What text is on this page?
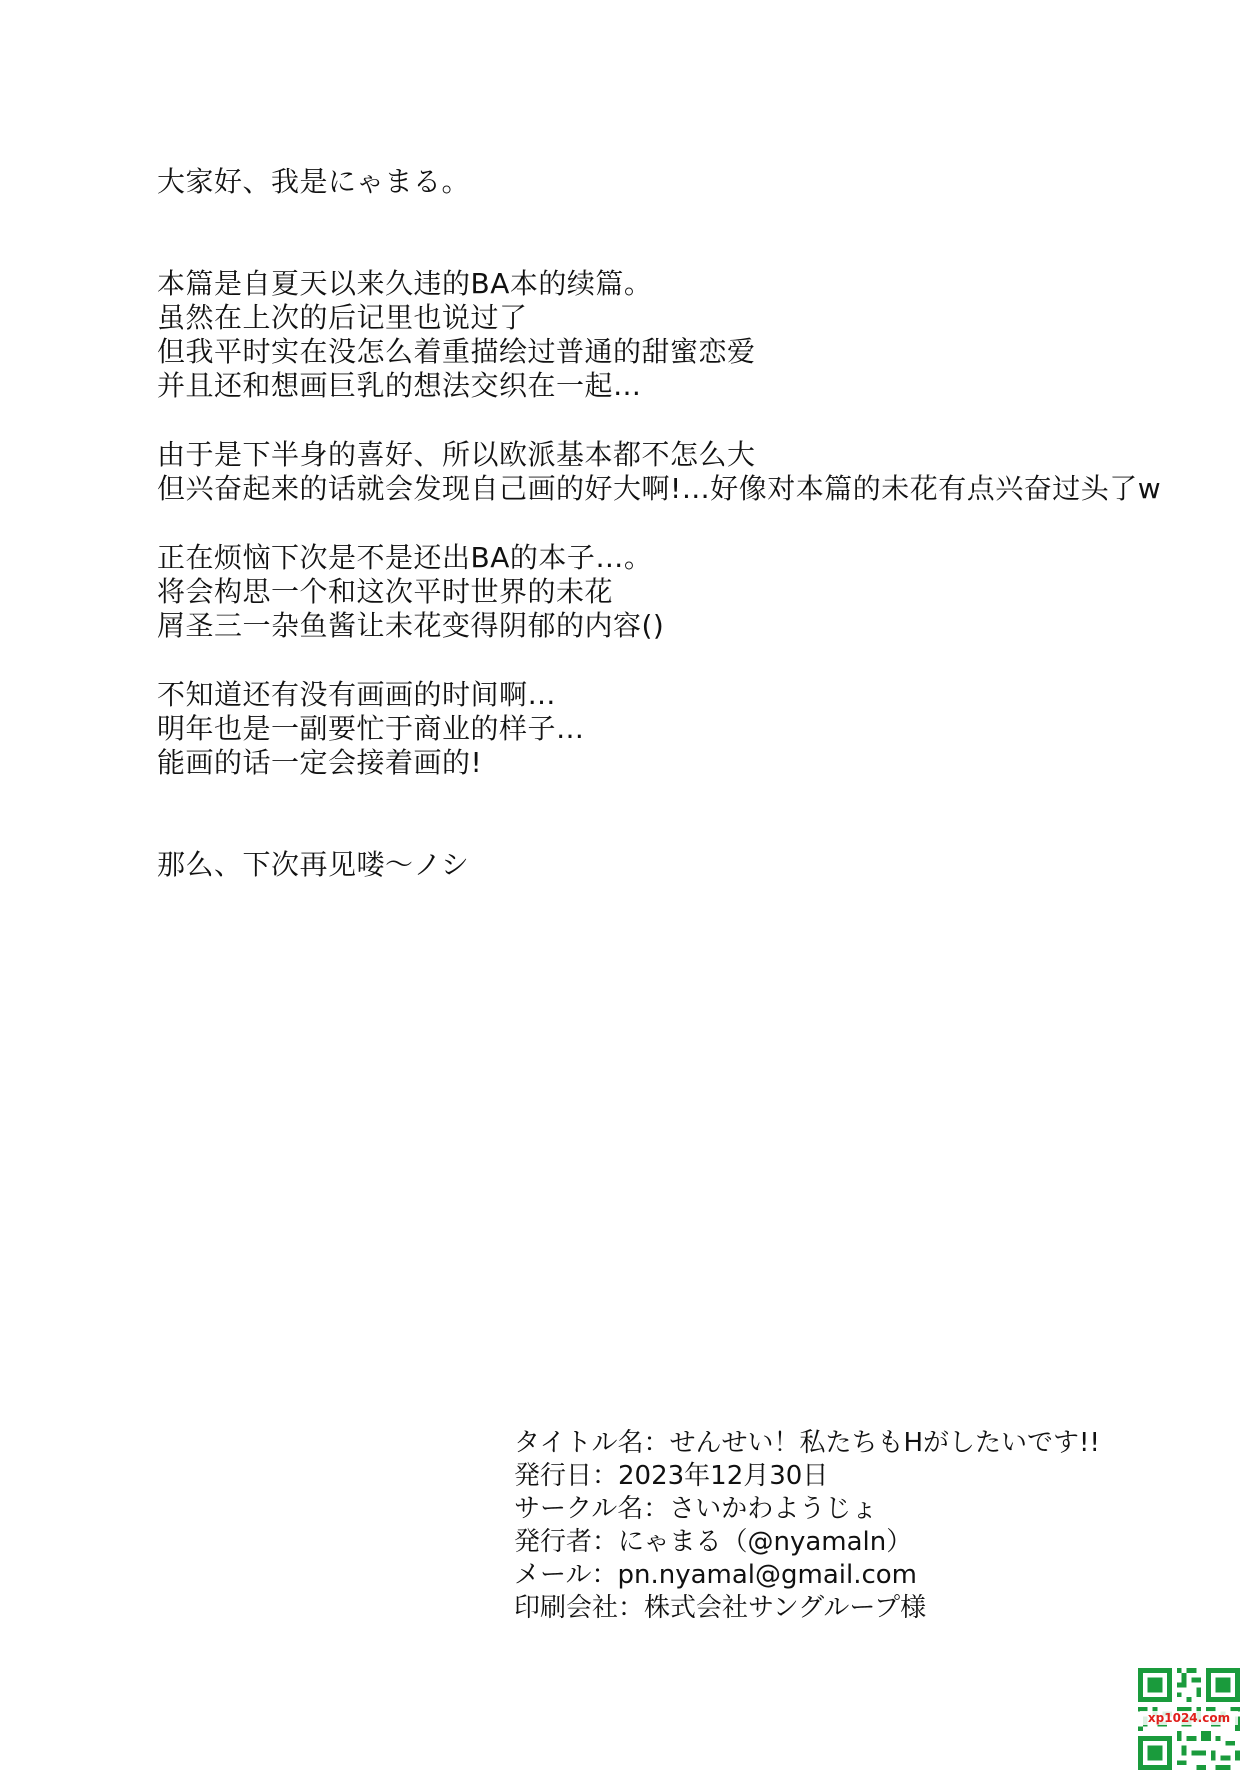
大家好、我是にゃまる。
本篇是自夏天以来久违的BA本的续篇。
虽然在上次的后记里也说过了
但我平时实在没怎么着重描绘过普通的甜蜜恋爱
并且还和想画巨乳的想法交织在一起…
由于是下半身的喜好、所以欧派基本都不怎么大
但兴奋起来的话就会发现自己画的好大啊!…好像对本篇的未花有点兴奋过头了w
正在烦恼下次是不是还出BA的本子…。
将会构思一个和这次平时世界的未花
屑圣三一杂鱼酱让未花变得阴郁的内容()
不知道还有没有画画的时间啊…
明年也是一副要忙于商业的样子…
能画的话一定会接着画的!
那么、下次再见喽～ノシ
タイトル名：せんせい！私たちもHがしたいです!!
発行日：2023年12月30日
サークル名：さいかわようじょ
発行者：にゃまる（@nyamaln）
メール：pn.nyamal@gmail.com
印刷会社：株式会社サングループ様
xp1024.com
